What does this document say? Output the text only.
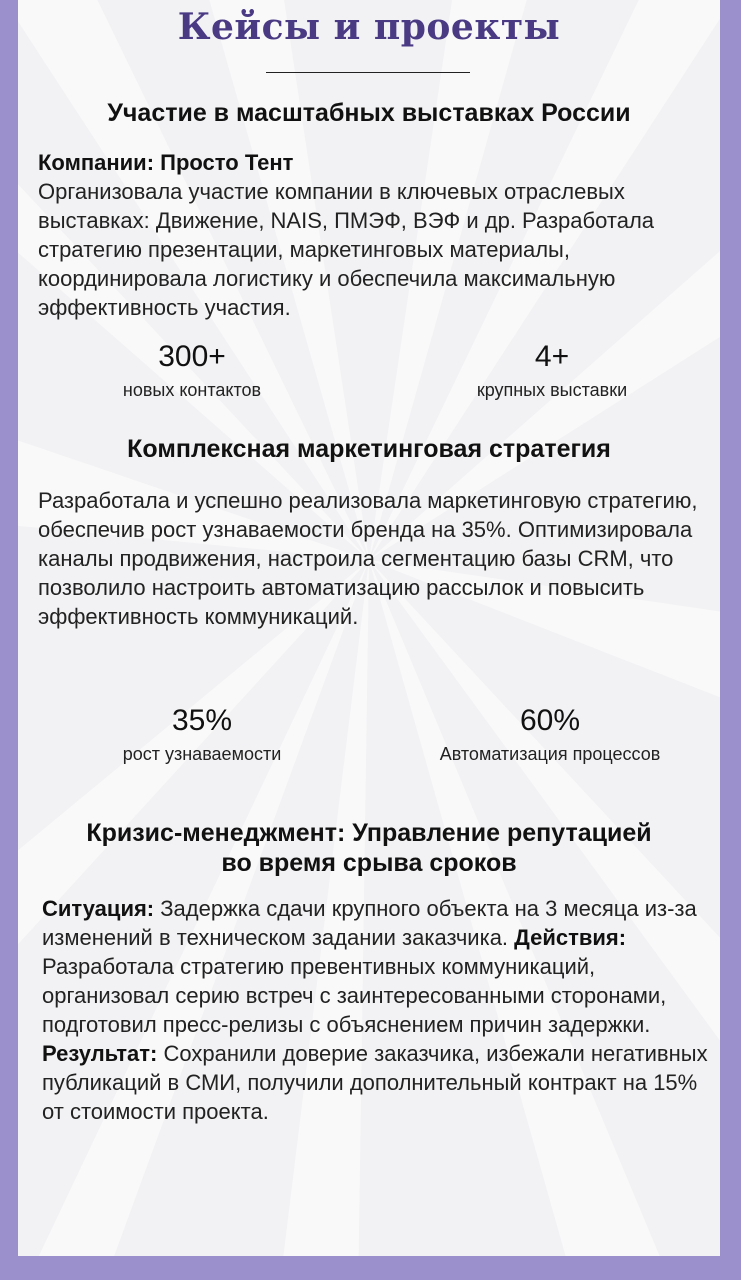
Кейсы и проекты
Участие в масштабных выставках России
Компании: Просто Тент
Организовала участие компании в ключевых отраслевых выставках: Движение, NAIS, ПМЭФ, ВЭФ и др. Разработала стратегию презентации, маркетинговых материалы, координировала логистику и обеспечила максимальную эффективность участия.
300+
новых контактов
4+
крупных выставки
Комплексная маркетинговая стратегия
Разработала и успешно реализовала маркетинговую стратегию, обеспечив рост узнаваемости бренда на 35%. Оптимизировала каналы продвижения, настроила сегментацию базы CRM, что позволило настроить автоматизацию рассылок и повысить эффективность коммуникаций.
35%
рост узнаваемости
60%
Автоматизация процессов
Кризис-менеджмент: Управление репутацией
во время срыва сроков
Ситуация: Задержка сдачи крупного объекта на 3 месяца из-за изменений в техническом задании заказчика. Действия: Разработала стратегию превентивных коммуникаций, организовал серию встреч с заинтересованными сторонами, подготовил пресс-релизы с объяснением причин задержки.
Результат: Сохранили доверие заказчика, избежали негативных публикаций в СМИ, получили дополнительный контракт на 15% от стоимости проекта.
